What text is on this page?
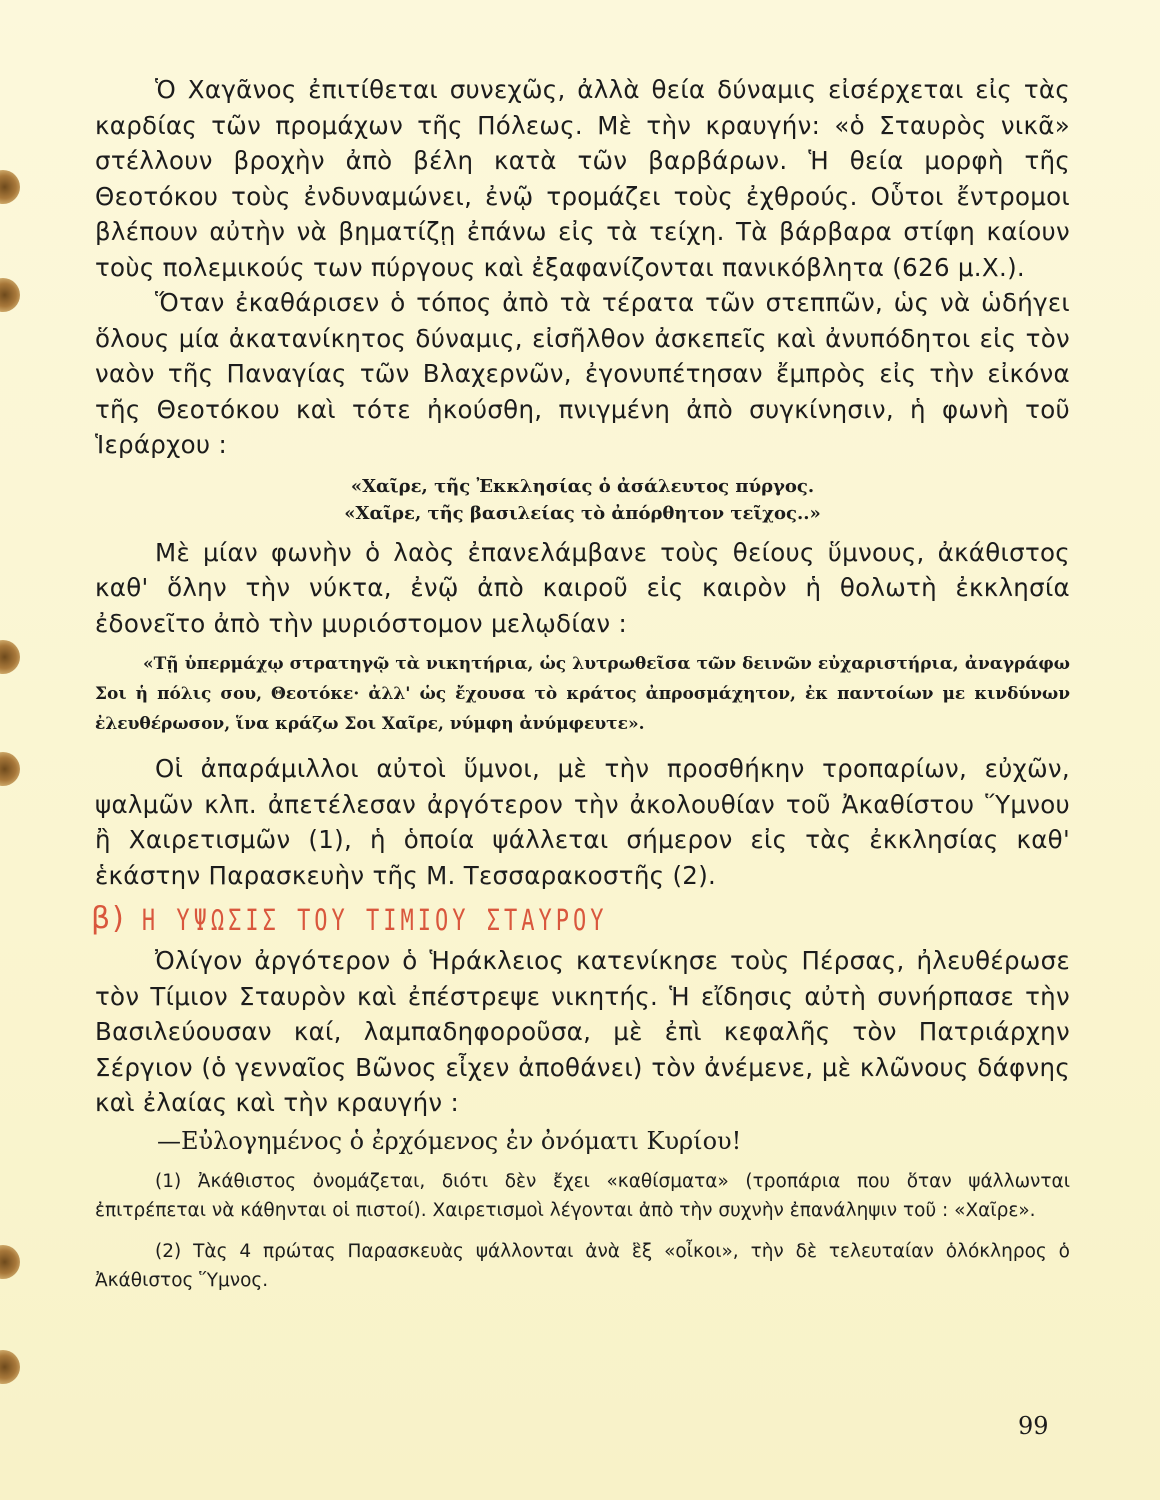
Ὁ Χαγᾶνος ἐπιτίθεται συνεχῶς, ἀλλὰ θεία δύναμις εἰσέρχεται εἰς τὰς καρδίας τῶν προμάχων τῆς Πόλεως. Μὲ τὴν κραυγήν: «ὁ Σταυρὸς νικᾶ» στέλλουν βροχὴν ἀπὸ βέλη κατὰ τῶν βαρβάρων. Ἡ θεία μορφὴ τῆς Θεοτόκου τοὺς ἐνδυναμώνει, ἐνῷ τρομάζει τοὺς ἐχθρούς. Οὗτοι ἔντρομοι βλέπουν αὐτὴν νὰ βηματίζῃ ἐπάνω εἰς τὰ τείχη. Τὰ βάρβαρα στίφη καίουν τοὺς πολεμικούς των πύργους καὶ ἐξαφανίζονται πανικόβλητα (626 μ.Χ.).

Ὅταν ἐκαθάρισεν ὁ τόπος ἀπὸ τὰ τέρατα τῶν στεππῶν, ὡς νὰ ὡδήγει ὅλους μία ἀκατανίκητος δύναμις, εἰσῆλθον ἀσκεπεῖς καὶ ἀνυπόδητοι εἰς τὸν ναὸν τῆς Παναγίας τῶν Βλαχερνῶν, ἐγονυπέτησαν ἔμπρὸς εἰς τὴν εἰκόνα τῆς Θεοτόκου καὶ τότε ἠκούσθη, πνιγμένη ἀπὸ συγκίνησιν, ἡ φωνὴ τοῦ Ἱεράρχου :

«Χαῖρε, τῆς Ἐκκλησίας ὁ ἀσάλευτος πύργος.
«Χαῖρε, τῆς βασιλείας τὸ ἀπόρθητον τεῖχος..»

Μὲ μίαν φωνὴν ὁ λαὸς ἐπανελάμβανε τοὺς θείους ὕμνους, ἀκάθιστος καθ' ὅλην τὴν νύκτα, ἐνῷ ἀπὸ καιροῦ εἰς καιρὸν ἡ θολωτὴ ἐκκλησία ἐδονεῖτο ἀπὸ τὴν μυριόστομον μελῳδίαν :

«Τῇ ὑπερμάχῳ στρατηγῷ τὰ νικητήρια, ὡς λυτρωθεῖσα τῶν δεινῶν εὐχαριστήρια, ἀναγράφω Σοι ἡ πόλις σου, Θεοτόκε· ἀλλ' ὡς ἔχουσα τὸ κράτος ἀπροσμάχητον, ἐκ παντοίων με κινδύνων ἐλευθέρωσον, ἵνα κράζω Σοι Χαῖρε, νύμφη ἀνύμφευτε».

Οἱ ἀπαράμιλλοι αὐτοὶ ὕμνοι, μὲ τὴν προσθήκην τροπαρίων, εὐχῶν, ψαλμῶν κλπ. ἀπετέλεσαν ἀργότερον τὴν ἀκολουθίαν τοῦ Ἀκαθίστου Ὕμνου ἢ Χαιρετισμῶν (1), ἡ ὁποία ψάλλεται σήμερον εἰς τὰς ἐκκλησίας καθ' ἑκάστην Παρασκευὴν τῆς Μ. Τεσσαρακοστῆς (2).

β) Η ΥΨΩΣΙΣ ΤΟΥ ΤΙΜΙΟΥ ΣΤΑΥΡΟΥ

Ὀλίγον ἀργότερον ὁ Ἡράκλειος κατενίκησε τοὺς Πέρσας, ἠλευθέρωσε τὸν Τίμιον Σταυρὸν καὶ ἐπέστρεψε νικητής. Ἡ εἴδησις αὐτὴ συνήρπασε τὴν Βασιλεύουσαν καί, λαμπαδηφοροῦσα, μὲ ἐπὶ κεφαλῆς τὸν Πατριάρχην Σέργιον (ὁ γενναῖος Βῶνος εἶχεν ἀποθάνει) τὸν ἀνέμενε, μὲ κλῶνους δάφνης καὶ ἐλαίας καὶ τὴν κραυγήν :

—Εὐλογημένος ὁ ἐρχόμενος ἐν ὀνόματι Κυρίου!

(1) Ἀκάθιστος ὀνομάζεται, διότι δὲν ἔχει «καθίσματα» (τροπάρια που ὅταν ψάλλωνται ἐπιτρέπεται νὰ κάθηνται οἱ πιστοί). Χαιρετισμοὶ λέγονται ἀπὸ τὴν συχνὴν ἐπανάληψιν τοῦ : «Χαῖρε».

(2) Τὰς 4 πρώτας Παρασκευὰς ψάλλονται ἀνὰ ἓξ «οἶκοι», τὴν δὲ τελευταίαν ὁλόκληρος ὁ Ἀκάθιστος Ὕμνος.

99
